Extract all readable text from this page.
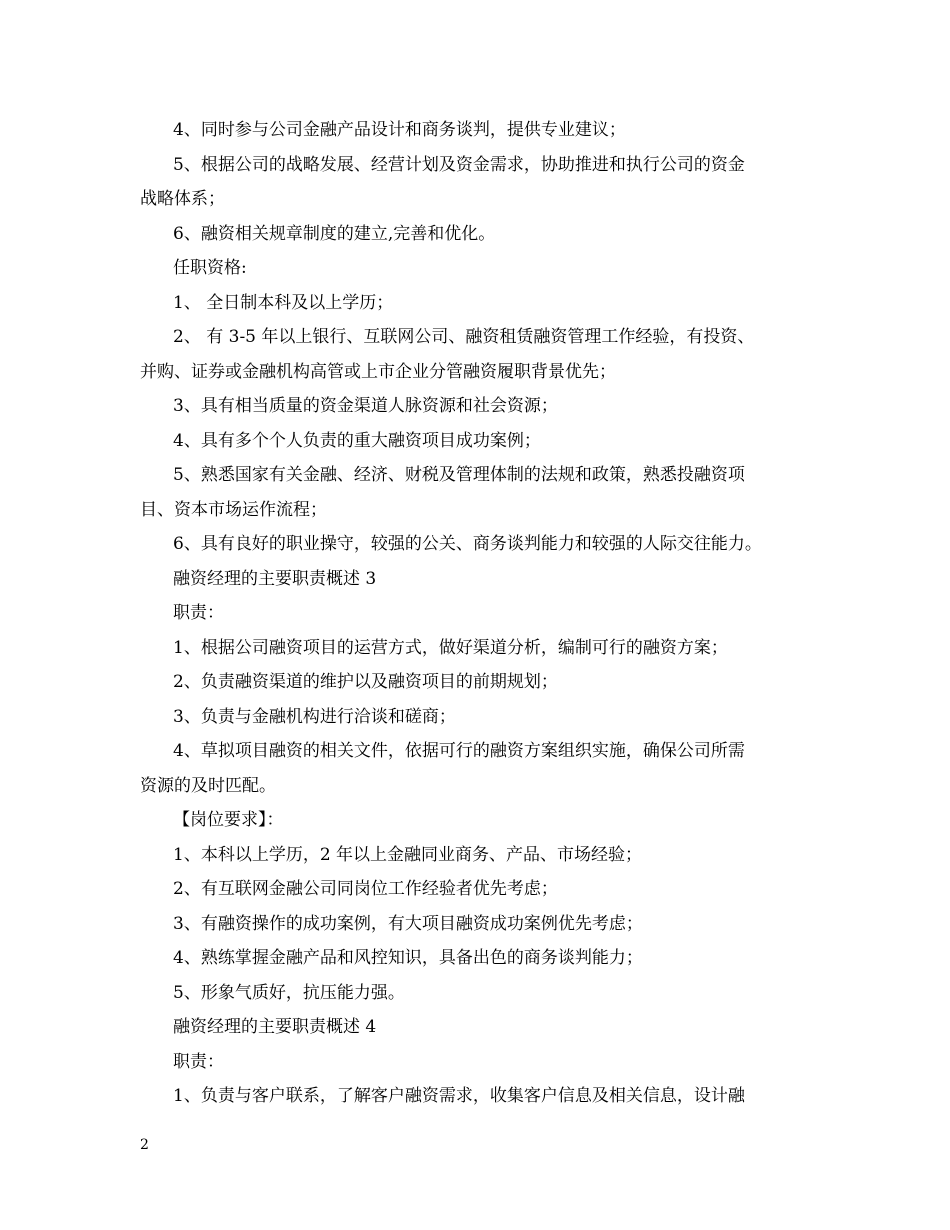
4、同时参与公司金融产品设计和商务谈判，提供专业建议；
5、根据公司的战略发展、经营计划及资金需求，协助推进和执行公司的资金
战略体系；
6、融资相关规章制度的建立,完善和优化。
任职资格:
1、 全日制本科及以上学历；
2、 有 3-5 年以上银行、互联网公司、融资租赁融资管理工作经验，有投资、
并购、证券或金融机构高管或上市企业分管融资履职背景优先；
3、具有相当质量的资金渠道人脉资源和社会资源；
4、具有多个个人负责的重大融资项目成功案例；
5、熟悉国家有关金融、经济、财税及管理体制的法规和政策，熟悉投融资项
目、资本市场运作流程；
6、具有良好的职业操守，较强的公关、商务谈判能力和较强的人际交往能力。
融资经理的主要职责概述 3
职责：
1、根据公司融资项目的运营方式，做好渠道分析，编制可行的融资方案；
2、负责融资渠道的维护以及融资项目的前期规划；
3、负责与金融机构进行洽谈和磋商；
4、草拟项目融资的相关文件，依据可行的融资方案组织实施，确保公司所需
资源的及时匹配。
【岗位要求】：
1、本科以上学历，2 年以上金融同业商务、产品、市场经验；
2、有互联网金融公司同岗位工作经验者优先考虑；
3、有融资操作的成功案例，有大项目融资成功案例优先考虑；
4、熟练掌握金融产品和风控知识，具备出色的商务谈判能力；
5、形象气质好，抗压能力强。
融资经理的主要职责概述 4
职责：
1、负责与客户联系，了解客户融资需求，收集客户信息及相关信息，设计融
2
